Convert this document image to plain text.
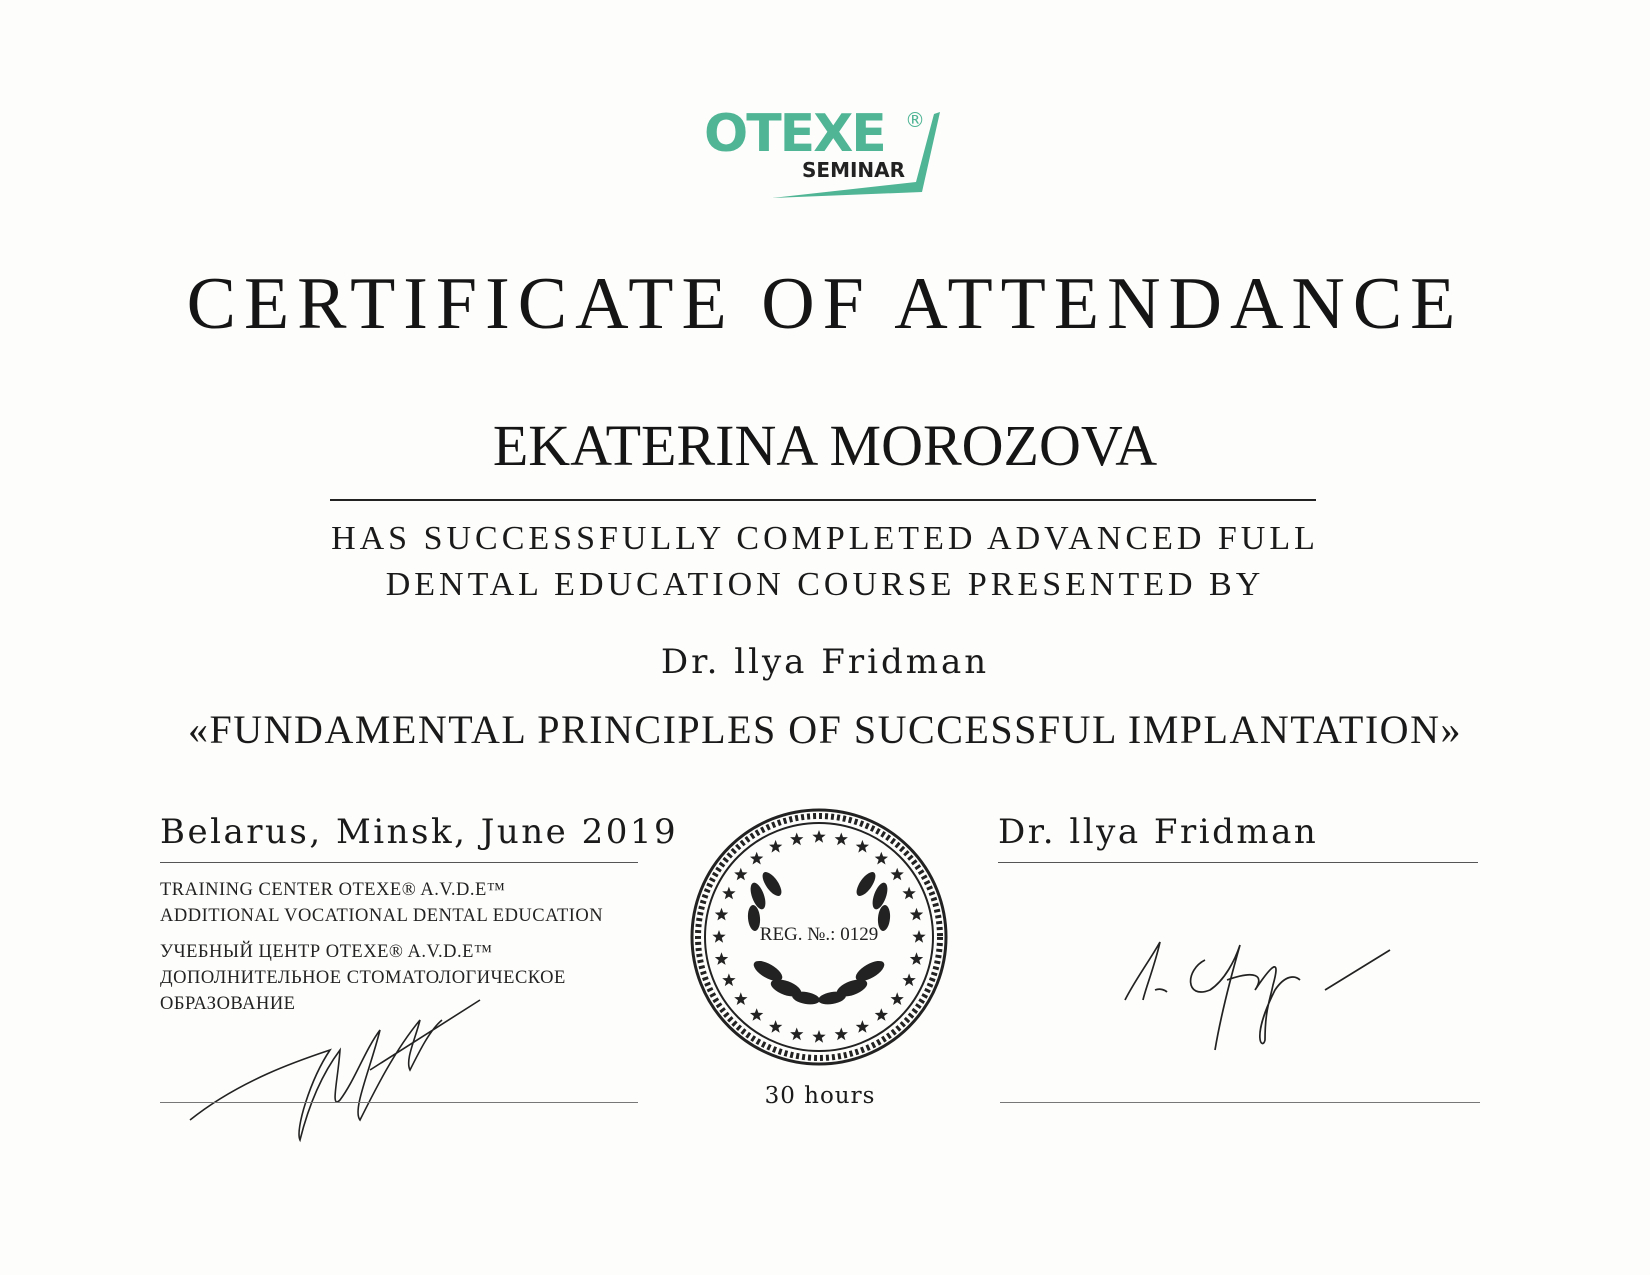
OTEXE ®
SEMINAR
CERTIFICATE OF ATTENDANCE
EKATERINA MOROZOVA
HAS SUCCESSFULLY COMPLETED ADVANCED FULL
DENTAL EDUCATION COURSE PRESENTED BY
Dr. llya Fridman
«FUNDAMENTAL PRINCIPLES OF SUCCESSFUL IMPLANTATION»
Belarus, Minsk, June 2019
TRAINING CENTER OTEXE® A.V.D.E™
ADDITIONAL VOCATIONAL DENTAL EDUCATION
УЧЕБНЫЙ ЦЕНТР OTEXE® A.V.D.E™
ДОПОЛНИТЕЛЬНОЕ СТОМАТОЛОГИЧЕСКОЕ
ОБРАЗОВАНИЕ
REG. №.: 0129
30 hours
Dr. llya Fridman
